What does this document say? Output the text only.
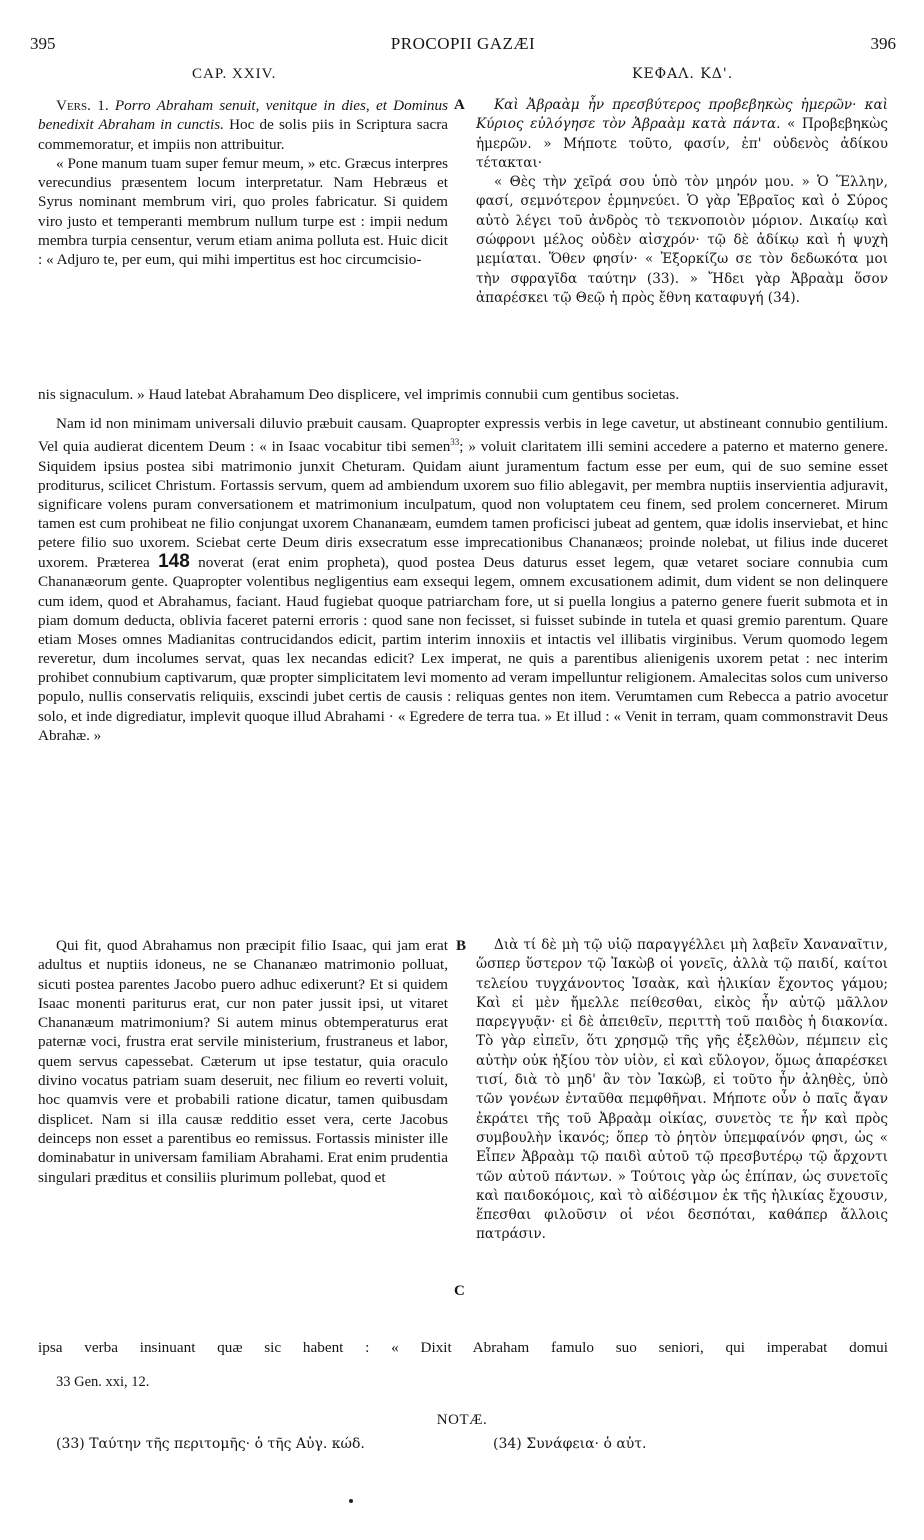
395	PROCOPII GAZÆI	396
CAP. XXIV.	ΚΕΦΑΛ. ΚΔ'.
A
B
C

Vers. 1. Porro Abraham senuit, venitque in dies, et Dominus benedixit Abraham in cunctis. Hoc de solis piis in Scriptura sacra commemoratur, et impiis non attribuitur.

« Pone manum tuam super femur meum, » etc. Græcus interpres verecundius præsentem locum interpretatur. Nam Hebræus et Syrus nominant membrum viri, quo proles fabricatur. Si quidem viro justo et temperanti membrum nullum turpe est : impii nedum membra turpia censentur, verum etiam anima polluta est. Huic dicit : « Adjuro te, per eum, qui mihi impertitus est hoc circumcisio-

Καὶ Ἀβραὰμ ἦν πρεσβύτερος προβεβηκὼς ἡμερῶν· καὶ Κύριος εὐλόγησε τὸν Ἀβραὰμ κατὰ πάντα. « Προβεβηκὼς ἡμερῶν. » Μήποτε τοῦτο, φασίν, ἐπ' οὐδενὸς ἀδίκου τέτακται·

« Θὲς τὴν χεῖρά σου ὑπὸ τὸν μηρόν μου. » Ὁ Ἕλλην, φασί, σεμνότερον ἑρμηνεύει. Ὁ γὰρ Ἑβραῖος καὶ ὁ Σύρος αὐτὸ λέγει τοῦ ἀνδρὸς τὸ τεκνοποιὸν μόριον. Δικαίῳ καὶ σώφρονι μέλος οὐδὲν αἰσχρόν· τῷ δὲ ἀδίκῳ καὶ ἡ ψυχὴ μεμίαται. Ὅθεν φησίν· « Ἐξορκίζω σε τὸν δεδωκότα μοι τὴν σφραγῖδα ταύτην (33). » Ἤδει γὰρ Ἀβραὰμ ὅσον ἀπαρέσκει τῷ Θεῷ ἡ πρὸς ἔθνη καταφυγή (34).

nis signaculum. » Haud latebat Abrahamum Deo displicere, vel imprimis connubii cum gentibus societas.

Nam id non minimam universali diluvio præbuit causam. Quapropter expressis verbis in lege cavetur, ut abstineant connubio gentilium. Vel quia audierat dicentem Deum : « in Isaac vocabitur tibi semen$^{33}$; » voluit claritatem illi semini accedere a paterno et materno genere. Siquidem ipsius postea sibi matrimonio junxit Cheturam. Quidam aiunt juramentum factum esse per eum, qui de suo semine esset proditurus, scilicet Christum. Fortassis servum, quem ad ambiendum uxorem suo filio ablegavit, per membra nuptiis inservientia adjuravit, significare volens puram conversationem et matrimonium inculpatum, quod non voluptatem ceu finem, sed prolem concerneret. Mirum tamen est cum prohibeat ne filio conjungat uxorem Chananæam, eumdem tamen proficisci jubeat ad gentem, quæ idolis inserviebat, et hinc petere filio suo uxorem. Sciebat certe Deum diris exsecratum esse imprecationibus Chananæos; proinde nolebat, ut filius inde duceret uxorem. Præterea 148 noverat (erat enim propheta), quod postea Deus daturus esset legem, quæ vetaret sociare connubia cum Chananæorum gente. Quapropter volentibus negligentius eam exsequi legem, omnem excusationem adimit, dum vident se non delinquere cum idem, quod et Abrahamus, faciant. Haud fugiebat quoque patriarcham fore, ut si puella longius a paterno genere fuerit submota et in piam domum deducta, oblivia faceret paterni erroris : quod sane non fecisset, si fuisset subinde in tutela et quasi gremio parentum. Quare etiam Moses omnes Madianitas contrucidandos edicit, partim interim innoxiis et intactis vel illibatis virginibus. Verum quomodo legem reveretur, dum incolumes servat, quas lex necandas edicit? Lex imperat, ne quis a parentibus alienigenis uxorem petat : nec interim prohibet connubium captivarum, quæ propter simplicitatem levi momento ad veram impelluntur religionem. Amalecitas solos cum universo populo, nullis conservatis reliquiis, exscindi jubet certis de causis : reliquas gentes non item. Verumtamen cum Rebecca a patrio avocetur solo, et inde digrediatur, implevit quoque illud Abrahami · « Egredere de terra tua. » Et illud : « Venit in terram, quam commonstravit Deus Abrahæ. »

Qui fit, quod Abrahamus non præcipit filio Isaac, qui jam erat adultus et nuptiis idoneus, ne se Chananæo matrimonio polluat, sicuti postea parentes Jacobo puero adhuc edixerunt? Et si quidem Isaac monenti pariturus erat, cur non pater jussit ipsi, ut vitaret Chananæum matrimonium? Si autem minus obtemperaturus erat paternæ voci, frustra erat servile ministerium, frustraneus et labor, quem servus capessebat. Cæterum ut ipse testatur, quia oraculo divino vocatus patriam suam deseruit, nec filium eo reverti voluit, hoc quamvis vere et probabili ratione dicatur, tamen quibusdam displicet. Nam si illa causæ redditio esset vera, certe Jacobus deinceps non esset a parentibus eo remissus. Fortassis minister ille dominabatur in universam familiam Abrahami. Erat enim prudentia singulari præditus et consiliis plurimum pollebat, quod et

Διὰ τί δὲ μὴ τῷ υἱῷ παραγγέλλει μὴ λαβεῖν Χαναναῖτιν, ὥσπερ ὕστερον τῷ Ἰακὼβ οἱ γονεῖς, ἀλλὰ τῷ παιδί, καίτοι τελείου τυγχάνοντος Ἰσαὰκ, καὶ ἡλικίαν ἔχοντος γάμου; Καὶ εἰ μὲν ἤμελλε πείθεσθαι, εἰκὸς ἦν αὐτῷ μᾶλλον παρεγγυᾷν· εἰ δὲ ἀπειθεῖν, περιττὴ τοῦ παιδὸς ἡ διακονία. Τὸ γὰρ εἰπεῖν, ὅτι χρησμῷ τῆς γῆς ἐξελθὼν, πέμπειν εἰς αὐτὴν οὐκ ἠξίου τὸν υἱὸν, εἰ καὶ εὔλογον, ὅμως ἀπαρέσκει τισί, διὰ τὸ μηδ' ἂν τὸν Ἰακὼβ, εἰ τοῦτο ἦν ἀληθὲς, ὑπὸ τῶν γονέων ἐνταῦθα πεμφθῆναι. Μήποτε οὖν ὁ παῖς ἄγαν ἐκράτει τῆς τοῦ Ἀβραὰμ οἰκίας, συνετὸς τε ἦν καὶ πρὸς συμβουλὴν ἱκανός; ὅπερ τὸ ῥητὸν ὑπεμφαίνόν φησι, ὡς « Εἶπεν Ἀβραὰμ τῷ παιδὶ αὐτοῦ τῷ πρεσβυτέρῳ τῷ ἄρχοντι τῶν αὐτοῦ πάντων. » Τούτοις γὰρ ὡς ἐπίπαν, ὡς συνετοῖς καὶ παιδοκόμοις, καὶ τὸ αἰδέσιμον ἐκ τῆς ἡλικίας ἔχουσιν, ἕπεσθαι φιλοῦσιν οἱ νέοι δεσπόται, καθάπερ ἄλλοις πατράσιν.

ipsa verba insinuant quæ sic habent : « Dixit Abraham famulo suo seniori, qui imperabat domui

33 Gen. xxi, 12.
NOTÆ.
(33) Ταύτην τῆς περιτομῆς· ὁ τῆς Αὐγ. κώδ.	(34) Συνάφεια· ὁ αὐτ.
